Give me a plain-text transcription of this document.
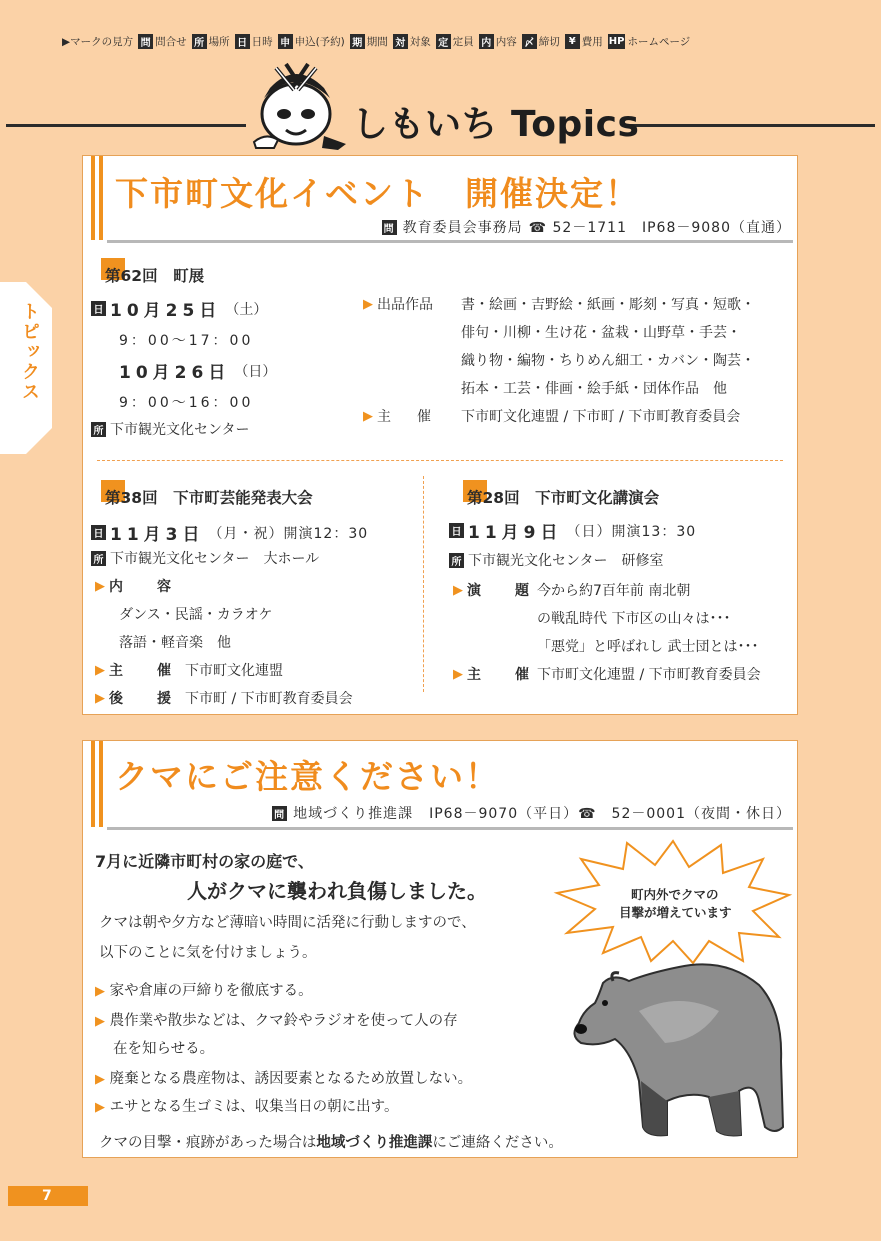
▶マークの見方 問 問合せ 所 場所 日 日時 申 申込(予約) 期 期間 対 対象 定 定員 内 内容 〆 締切 ¥ 費用 HP ホームページ
しもいち Topics
トピックス
下市町文化イベント　開催決定！
問 教育委員会事務局 ☎ 52－1711　IP68－9080（直通）
第62回　町展
日 10月25日 （土）
9：00～17：00
10月26日 （日）
9：00～16：00
所 下市観光文化センター
▶ 出品作品 書・絵画・吉野絵・紙画・彫刻・写真・短歌・
俳句・川柳・生け花・盆栽・山野草・手芸・
織り物・編物・ちりめん細工・カバン・陶芸・
拓本・工芸・俳画・絵手紙・団体作品　他
▶ 主　催 下市町文化連盟 / 下市町 / 下市町教育委員会
第38回　下市町芸能発表大会
日 11月3日 （月・祝）開演12：30
所 下市観光文化センター　大ホール
▶ 内　容
ダンス・民謡・カラオケ
落語・軽音楽　他
▶ 主　催 下市町文化連盟
▶ 後　援 下市町 / 下市町教育委員会
第28回　下市町文化講演会
日 11月9日 （日）開演13：30
所 下市観光文化センター　研修室
▶ 演　題
今から約7百年前 南北朝
の戦乱時代 下市区の山々は･･･
「悪党」と呼ばれし 武士団とは･･･
▶ 主　催
下市町文化連盟 / 下市町教育委員会
クマにご注意ください！
問 地域づくり推進課 IP68－9070（平日）☎　52－0001（夜間・休日）
7月に近隣市町村の家の庭で、
人がクマに襲われ負傷しました。
クマは朝や夕方など薄暗い時間に活発に行動しますので、
以下のことに気を付けましょう。
▶ 家や倉庫の戸締りを徹底する。
▶ 農作業や散歩などは、クマ鈴やラジオを使って人の存
在を知らせる。
▶ 廃棄となる農産物は、誘因要素となるため放置しない。
▶ エサとなる生ゴミは、収集当日の朝に出す。
クマの目撃・痕跡があった場合は地域づくり推進課にご連絡ください。
町内外でクマの
目撃が増えています
7
